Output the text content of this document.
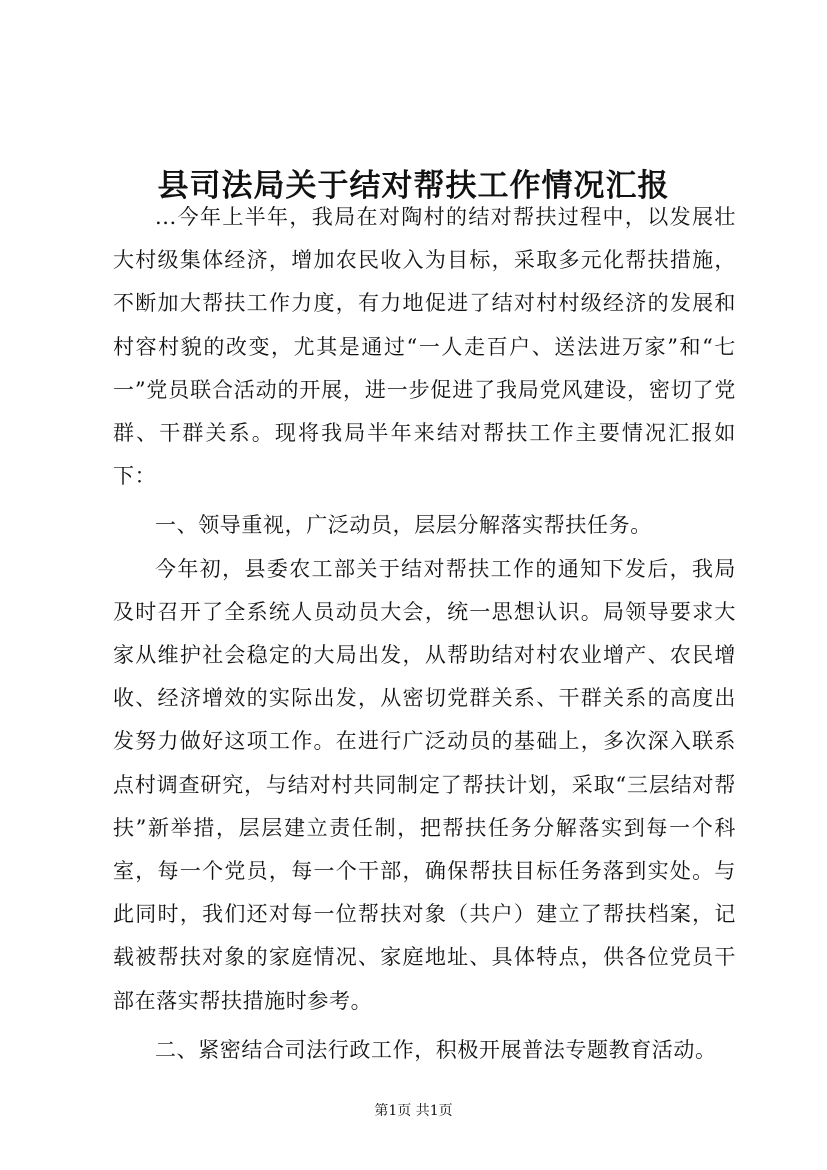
县司法局关于结对帮扶工作情况汇报

...今年上半年，我局在对陶村的结对帮扶过程中，以发展壮大村级集体经济，增加农民收入为目标，采取多元化帮扶措施，不断加大帮扶工作力度，有力地促进了结对村村级经济的发展和村容村貌的改变，尤其是通过“一人走百户、送法进万家”和“七一”党员联合活动的开展，进一步促进了我局党风建设，密切了党群、干群关系。现将我局半年来结对帮扶工作主要情况汇报如下：

一、领导重视，广泛动员，层层分解落实帮扶任务。

今年初，县委农工部关于结对帮扶工作的通知下发后，我局及时召开了全系统人员动员大会，统一思想认识。局领导要求大家从维护社会稳定的大局出发，从帮助结对村农业增产、农民增收、经济增效的实际出发，从密切党群关系、干群关系的高度出发努力做好这项工作。在进行广泛动员的基础上，多次深入联系点村调查研究，与结对村共同制定了帮扶计划，采取“三层结对帮扶”新举措，层层建立责任制，把帮扶任务分解落实到每一个科室，每一个党员，每一个干部，确保帮扶目标任务落到实处。与此同时，我们还对每一位帮扶对象（共户）建立了帮扶档案，记载被帮扶对象的家庭情况、家庭地址、具体特点，供各位党员干部在落实帮扶措施时参考。

二、紧密结合司法行政工作，积极开展普法专题教育活动。

第1页 共1页
